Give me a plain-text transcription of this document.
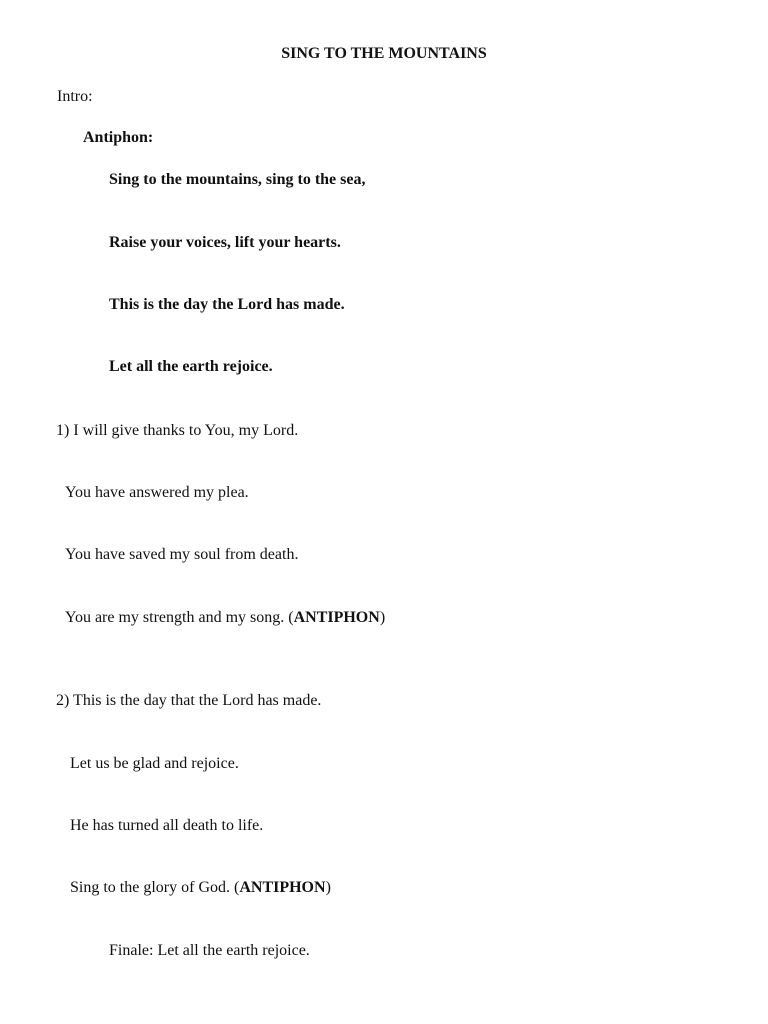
SING TO THE MOUNTAINS
Intro:
Antiphon:
Sing to the mountains, sing to the sea,
Raise your voices, lift your hearts.
This is the day the Lord has made.
Let all the earth rejoice.
1) I will give thanks to You, my Lord.
You have answered my plea.
You have saved my soul from death.
You are my strength and my song. (ANTIPHON)
2) This is the day that the Lord has made.
Let us be glad and rejoice.
He has turned all death to life.
Sing to the glory of God. (ANTIPHON)
Finale: Let all the earth rejoice.
